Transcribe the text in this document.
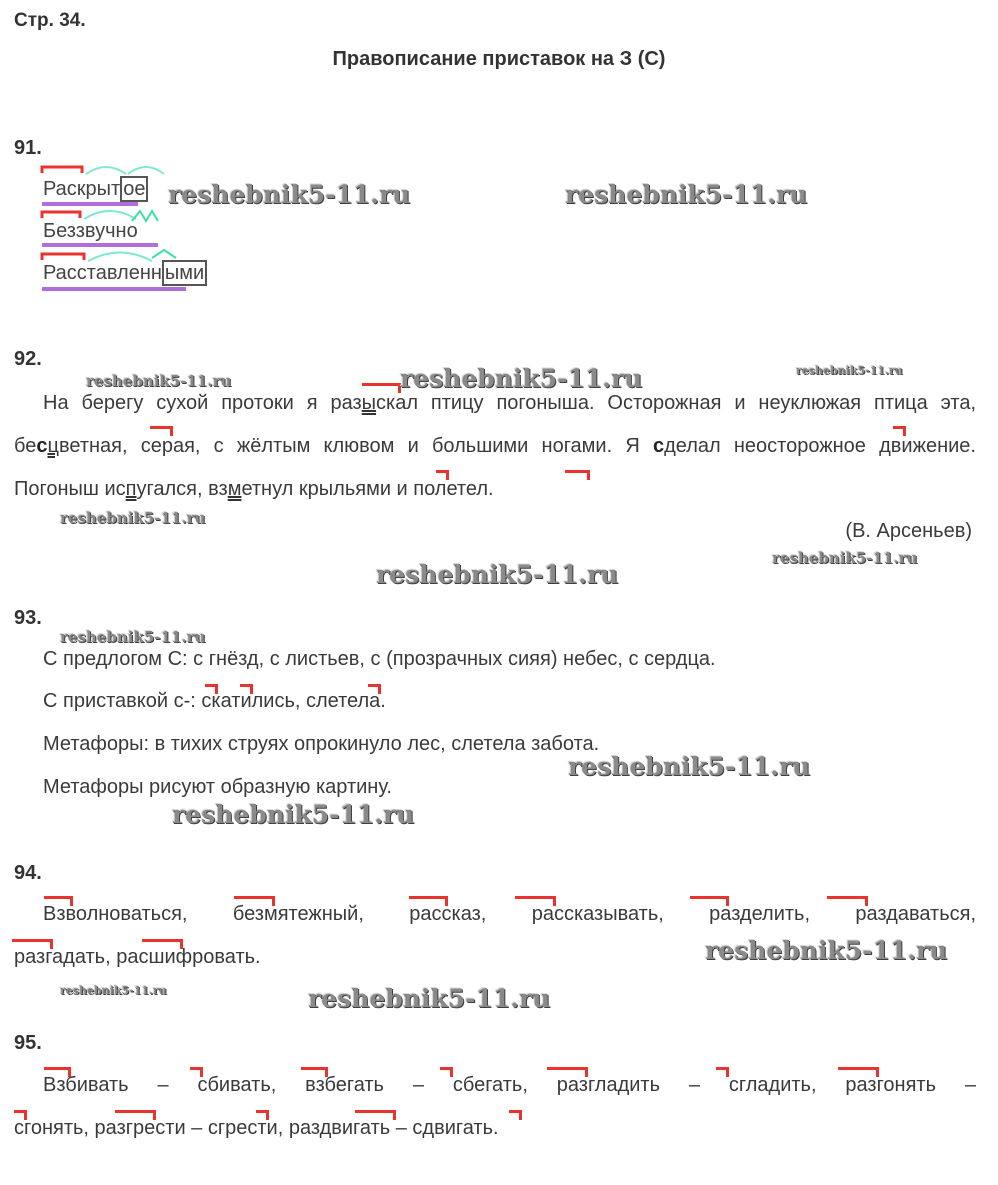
Стр. 34.
Правописание приставок на З (С)
91.
Раскрыт ое
Беззвучно
Расставленн ыми
92.
На берегу сухой протоки я разыскал птицу погоныша. Осторожная и неуклюжая птица эта, бесцветная, серая, с жёлтым клювом и большими ногами. Я сделал неосторожное движение. Погоныш испугался, взметнул крыльями и полетел.
(В. Арсеньев)
93.
С предлогом С: с гнёзд, с листьев, с (прозрачных сияя) небес, с сердца.
С приставкой с-: скатились, слетела.
Метафоры: в тихих струях опрокинуло лес, слетела забота.
Метафоры рисуют образную картину.
94.
Взволноваться, безмятежный, рассказ, рассказывать, разделить, раздаваться,
разгадать, расшифровать.
95.
Взбивать – сбивать, взбегать – сбегать, разгладить – сгладить, разгонять –
сгонять, разгрести – сгрести, раздвигать – сдвигать.
reshebnik5-11.ru	reshebnik5-11.ru
reshebnik5-11.ru	reshebnik5-11.ru	reshebnik5-11.ru
reshebnik5-11.ru
reshebnik5-11.ru
reshebnik5-11.ru
reshebnik5-11.ru
reshebnik5-11.ru
reshebnik5-11.ru
reshebnik5-11.ru
reshebnik5-11.ru	reshebnik5-11.ru
